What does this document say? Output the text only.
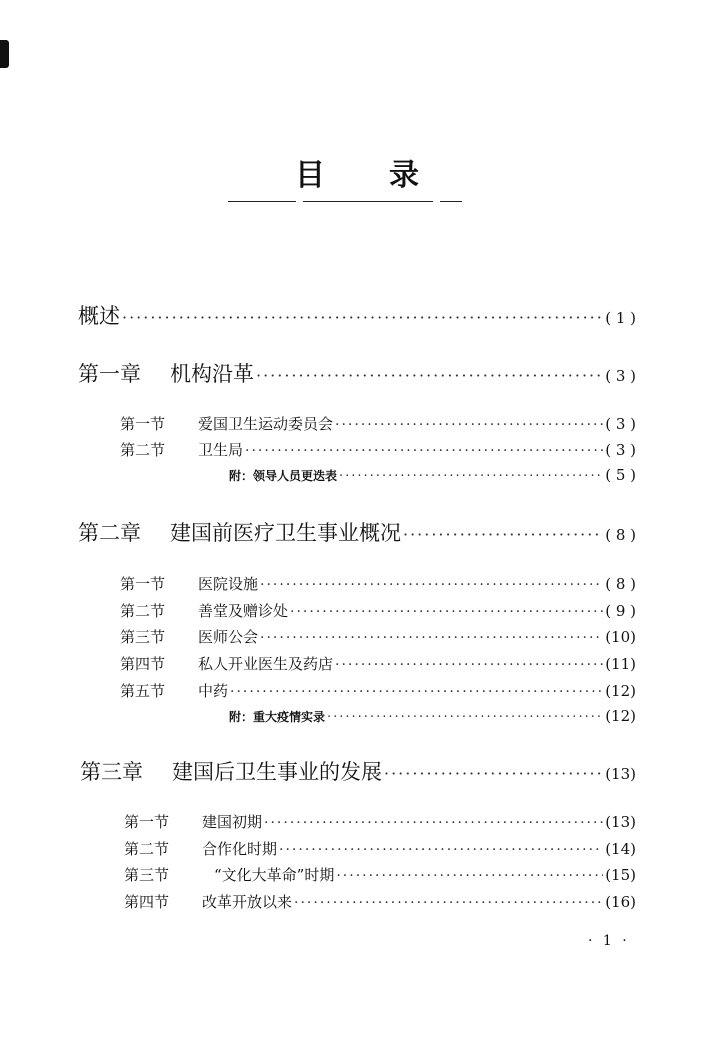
目 录
概述 ·····	( 1 )
第一章	机构沿革 ·····	( 3 )
第一节	爱国卫生运动委员会 ·····	( 3 )
第二节	卫生局 ·····	( 3 )
附：领导人员更迭表 ·····	( 5 )
第二章	建国前医疗卫生事业概况 ·····	( 8 )
第一节	医院设施 ·····	( 8 )
第二节	善堂及赠诊处 ·····	( 9 )
第三节	医师公会 ·····	(10)
第四节	私人开业医生及药店 ·····	(11)
第五节	中药 ·····	(12)
附：重大疫情实录 ·····	(12)
第三章	建国后卫生事业的发展 ·····	(13)
第一节	建国初期 ·····	(13)
第二节	合作化时期 ·····	(14)
第三节	“文化大革命”时期 ·····	(15)
第四节	改革开放以来 ·····	(16)
· 1 ·
